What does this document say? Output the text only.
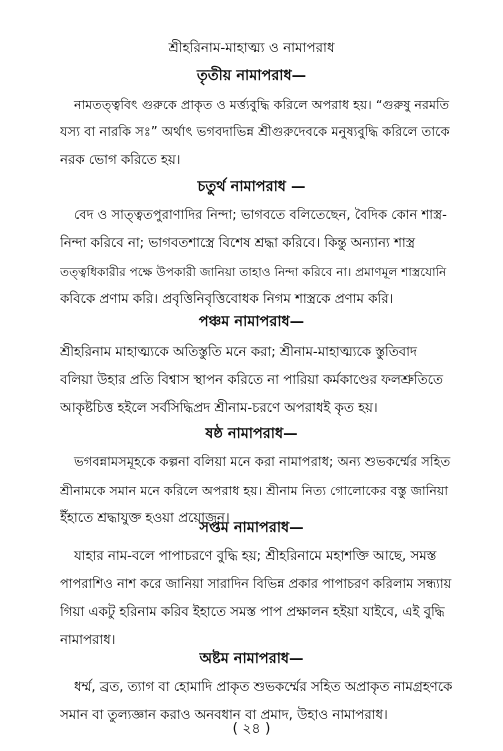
শ্রীহরিনাম-মাহাত্ম্য ও নামাপরাধ
তৃতীয় নামাপরাধ—
নামতত্ত্ববিৎ গুরুকে প্রাকৃত ও মর্ত্ত্যবুদ্ধি করিলে অপরাধ হয়। “গুরুষু নরমতি
যস্য বা নারকি সঃ” অর্থাৎ ভগবদাভিন্ন শ্রীগুরুদেবকে মনুষ্যবুদ্ধি করিলে তাকে
নরক ভোগ করিতে হয়।
চতুর্থ নামাপরাধ —
বেদ ও সাত্ত্বতপুরাণাদির নিন্দা; ভাগবতে বলিতেছেন, বৈদিক কোন শাস্ত্র-
নিন্দা করিবে না; ভাগবতশাস্ত্রে বিশেষ শ্রদ্ধা করিবে। কিন্তু অন্যান্য শাস্ত্র
তত্ত্বধিকারীর পক্ষে উপকারী জানিয়া তাহাও নিন্দা করিবে না। প্রমাণমূল শাস্ত্রযোনি
কবিকে প্রণাম করি। প্রবৃত্তিনিবৃত্তিবোধক নিগম শাস্ত্রকে প্রণাম করি।
পঞ্চম নামাপরাধ—
শ্রীহরিনাম মাহাত্ম্যকে অতিস্তুতি মনে করা; শ্রীনাম-মাহাত্ম্যকে স্তুতিবাদ
বলিয়া উহার প্রতি বিশ্বাস স্থাপন করিতে না পারিয়া কর্মকাণ্ডের ফলশ্রুতিতে
আকৃষ্টচিত্ত হইলে সর্বসিদ্ধিপ্রদ শ্রীনাম-চরণে অপরাধই কৃত হয়।
ষষ্ঠ নামাপরাধ—
ভগবন্নামসমূহকে কল্পনা বলিয়া মনে করা নামাপরাধ; অন্য শুভকর্ম্মের সহিত
শ্রীনামকে সমান মনে করিলে অপরাধ হয়। শ্রীনাম নিত্য গোলোকের বস্তু জানিয়া
ইঁহাতে শ্রদ্ধাযুক্ত হওয়া প্রয়োজন।
সপ্তম নামাপরাধ—
যাহার নাম-বলে পাপাচরণে বুদ্ধি হয়; শ্রীহরিনামে মহাশক্তি আছে, সমস্ত
পাপরাশিও নাশ করে জানিয়া সারাদিন বিভিন্ন প্রকার পাপাচরণ করিলাম সন্ধ্যায়
গিয়া একটু হরিনাম করিব ইহাতে সমস্ত পাপ প্রক্ষালন হইয়া যাইবে, এই বুদ্ধি
নামাপরাধ।
অষ্টম নামাপরাধ—
ধর্ম্ম, ব্রত, ত্যাগ বা হোমাদি প্রাকৃত শুভকর্ম্মের সহিত অপ্রাকৃত নামগ্রহণকে
সমান বা তুল্যজ্ঞান করাও অনবধান বা প্রমাদ, উহাও নামাপরাধ।
( ২৪ )
